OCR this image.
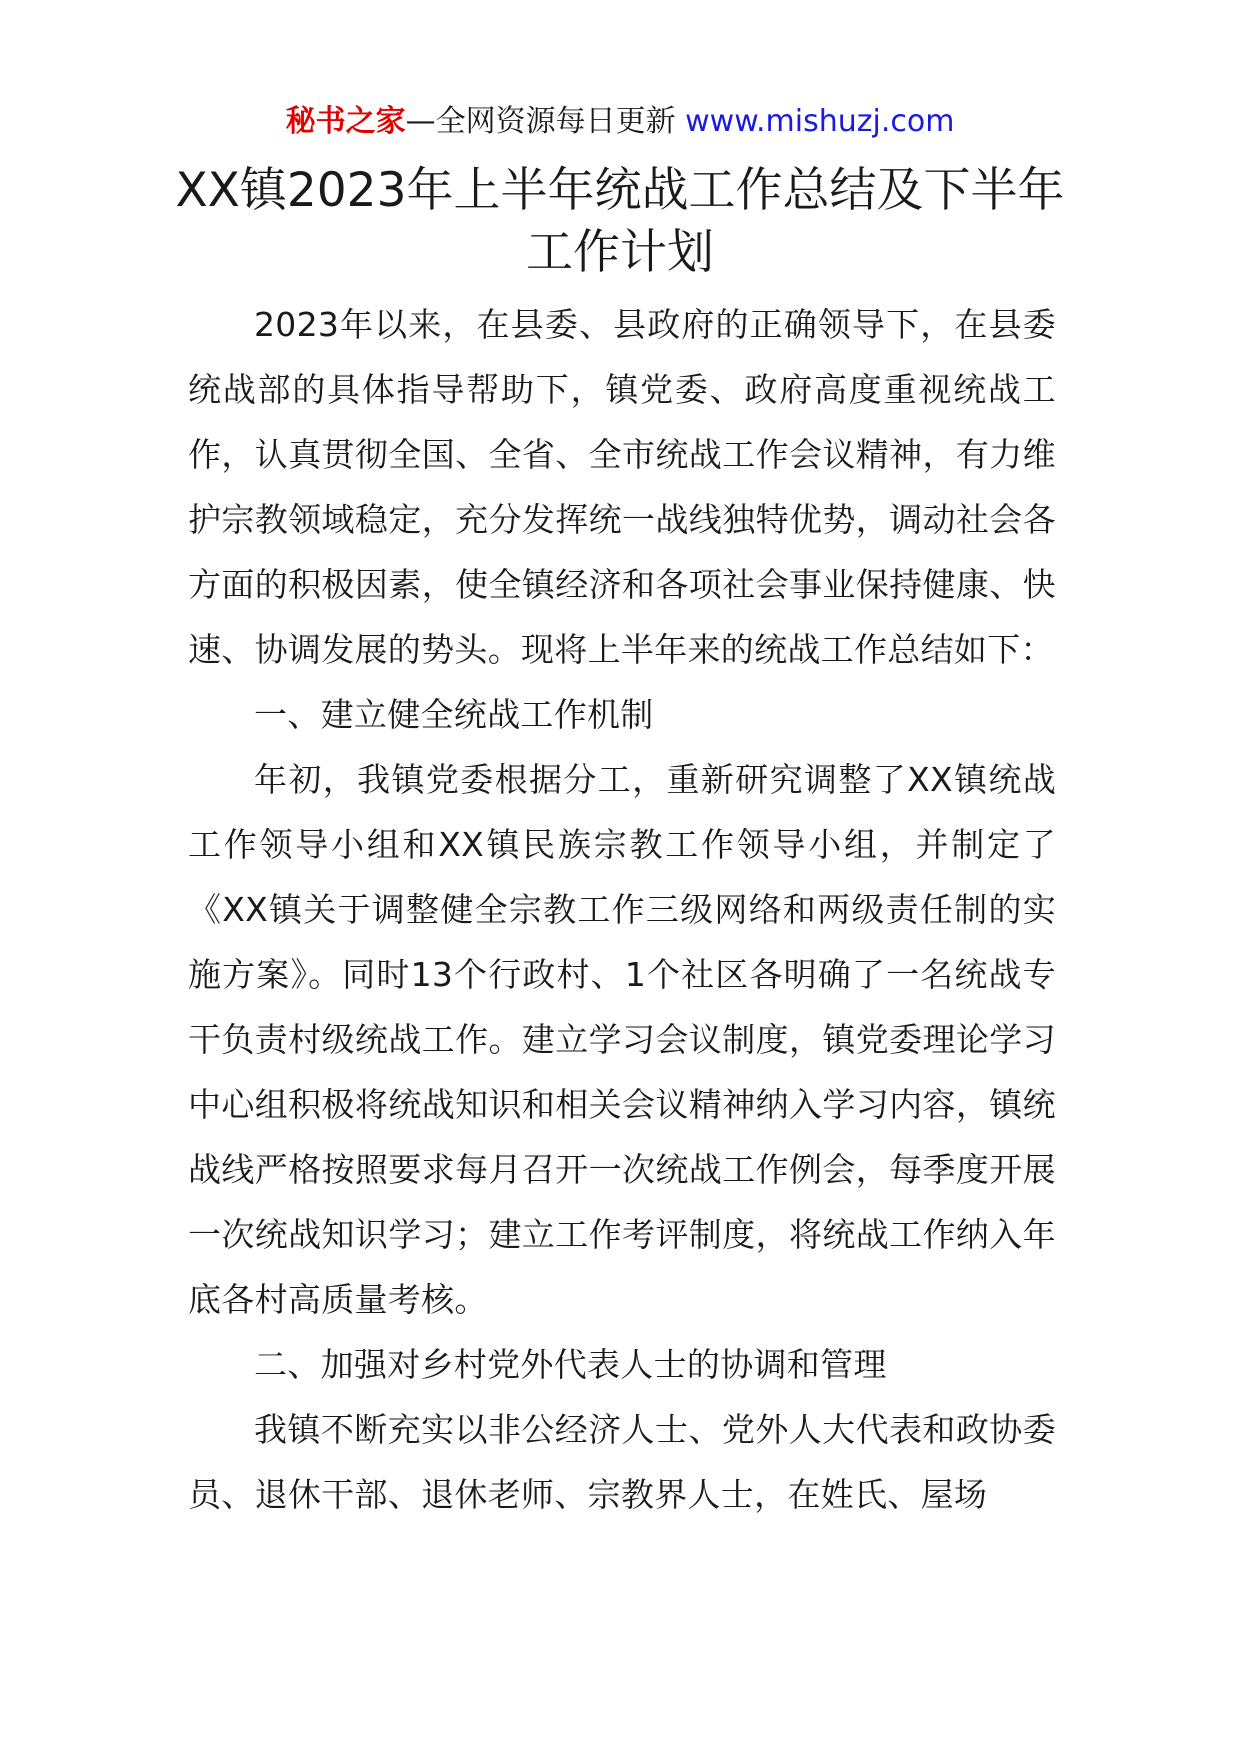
秘书之家—全网资源每日更新 www.mishuzj.com
XX镇2023年上半年统战工作总结及下半年工作计划

2023年以来，在县委、县政府的正确领导下，在县委统战部的具体指导帮助下，镇党委、政府高度重视统战工作，认真贯彻全国、全省、全市统战工作会议精神，有力维护宗教领域稳定，充分发挥统一战线独特优势，调动社会各方面的积极因素，使全镇经济和各项社会事业保持健康、快速、协调发展的势头。现将上半年来的统战工作总结如下：

一、建立健全统战工作机制

年初，我镇党委根据分工，重新研究调整了XX镇统战工作领导小组和XX镇民族宗教工作领导小组，并制定了《XX镇关于调整健全宗教工作三级网络和两级责任制的实施方案》。同时13个行政村、1个社区各明确了一名统战专干负责村级统战工作。建立学习会议制度，镇党委理论学习中心组积极将统战知识和相关会议精神纳入学习内容，镇统战线严格按照要求每月召开一次统战工作例会，每季度开展一次统战知识学习；建立工作考评制度，将统战工作纳入年底各村高质量考核。

二、加强对乡村党外代表人士的协调和管理

我镇不断充实以非公经济人士、党外人大代表和政协委员、退休干部、退休老师、宗教界人士，在姓氏、屋场
